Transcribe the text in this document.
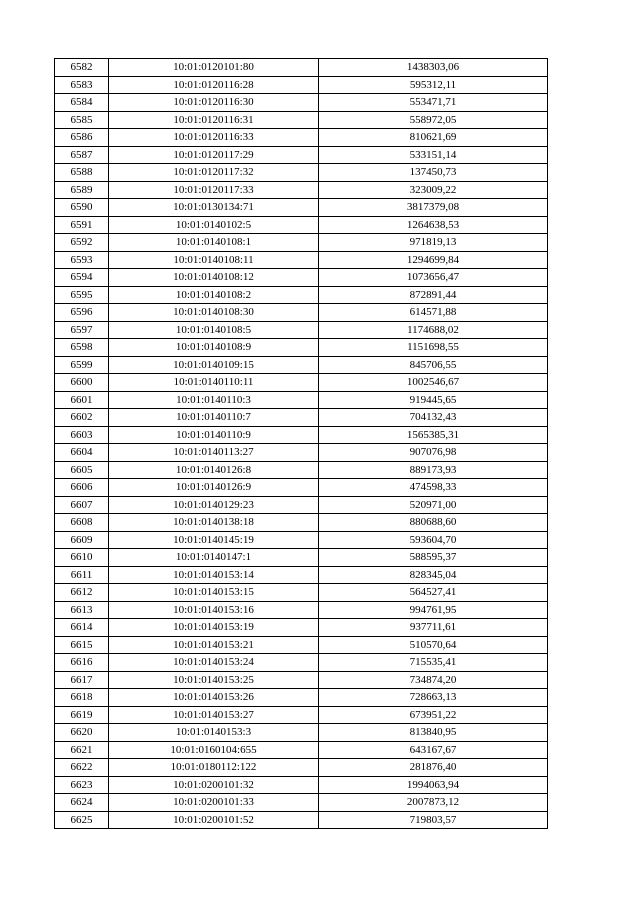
6582	10:01:0120101:80	1438303,06
6583	10:01:0120116:28	595312,11
6584	10:01:0120116:30	553471,71
6585	10:01:0120116:31	558972,05
6586	10:01:0120116:33	810621,69
6587	10:01:0120117:29	533151,14
6588	10:01:0120117:32	137450,73
6589	10:01:0120117:33	323009,22
6590	10:01:0130134:71	3817379,08
6591	10:01:0140102:5	1264638,53
6592	10:01:0140108:1	971819,13
6593	10:01:0140108:11	1294699,84
6594	10:01:0140108:12	1073656,47
6595	10:01:0140108:2	872891,44
6596	10:01:0140108:30	614571,88
6597	10:01:0140108:5	1174688,02
6598	10:01:0140108:9	1151698,55
6599	10:01:0140109:15	845706,55
6600	10:01:0140110:11	1002546,67
6601	10:01:0140110:3	919445,65
6602	10:01:0140110:7	704132,43
6603	10:01:0140110:9	1565385,31
6604	10:01:0140113:27	907076,98
6605	10:01:0140126:8	889173,93
6606	10:01:0140126:9	474598,33
6607	10:01:0140129:23	520971,00
6608	10:01:0140138:18	880688,60
6609	10:01:0140145:19	593604,70
6610	10:01:0140147:1	588595,37
6611	10:01:0140153:14	828345,04
6612	10:01:0140153:15	564527,41
6613	10:01:0140153:16	994761,95
6614	10:01:0140153:19	937711,61
6615	10:01:0140153:21	510570,64
6616	10:01:0140153:24	715535,41
6617	10:01:0140153:25	734874,20
6618	10:01:0140153:26	728663,13
6619	10:01:0140153:27	673951,22
6620	10:01:0140153:3	813840,95
6621	10:01:0160104:655	643167,67
6622	10:01:0180112:122	281876,40
6623	10:01:0200101:32	1994063,94
6624	10:01:0200101:33	2007873,12
6625	10:01:0200101:52	719803,57
